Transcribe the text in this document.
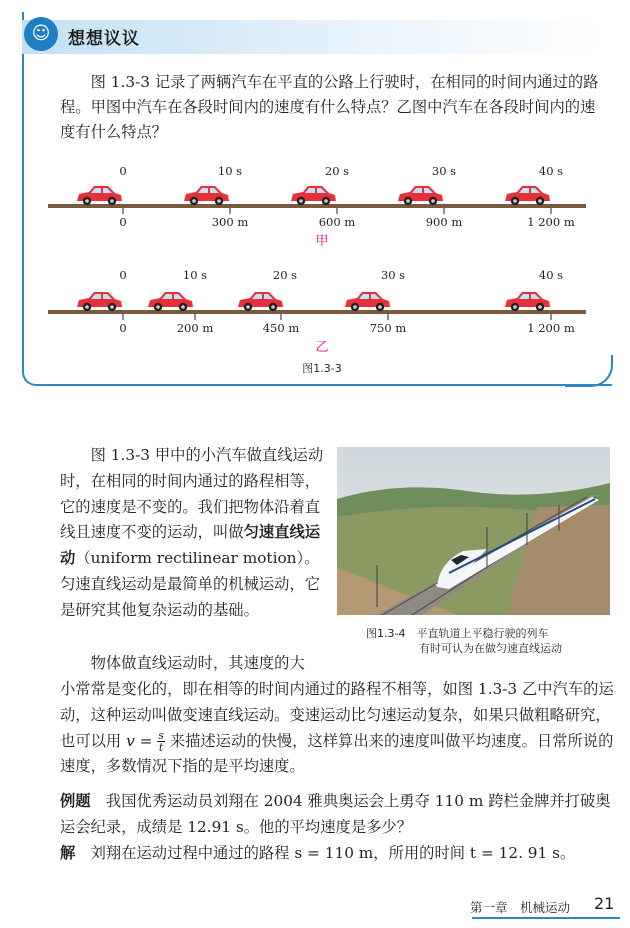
☺	想想议议
图 1.3-3 记录了两辆汽车在平直的公路上行驶时，在相同的时间内通过的路程。甲图中汽车在各段时间内的速度有什么特点？乙图中汽车在各段时间内的速度有什么特点？
0	10 s	20 s	30 s	40 s
0	300 m	600 m	900 m	1 200 m
甲
0	10 s	20 s	30 s	40 s
0	200 m	450 m	750 m	1 200 m
乙
图1.3-3
图 1.3-3 甲中的小汽车做直线运动时，在相同的时间内通过的路程相等，它的速度是不变的。我们把物体沿着直线且速度不变的运动，叫做匀速直线运动（uniform rectilinear motion）。匀速直线运动是最简单的机械运动，它是研究其他复杂运动的基础。
图1.3-4　平直轨道上平稳行驶的列车
有时可认为在做匀速直线运动
物体做直线运动时，其速度的大
小常常是变化的，即在相等的时间内通过的路程不相等，如图 1.3-3 乙中汽车的运动，这种运动叫做变速直线运动。变速运动比匀速运动复杂，如果只做粗略研究，也可以用 $v = \frac{s}{t}$ 来描述运动的快慢，这样算出来的速度叫做平均速度。日常所说的速度，多数情况下指的是平均速度。
例题　我国优秀运动员刘翔在 2004 雅典奥运会上勇夺 110 m 跨栏金牌并打破奥运会纪录，成绩是 12.91 s。他的平均速度是多少？
解　刘翔在运动过程中通过的路程 s = 110 m，所用的时间 t = 12. 91 s。
第一章　机械运动 21
